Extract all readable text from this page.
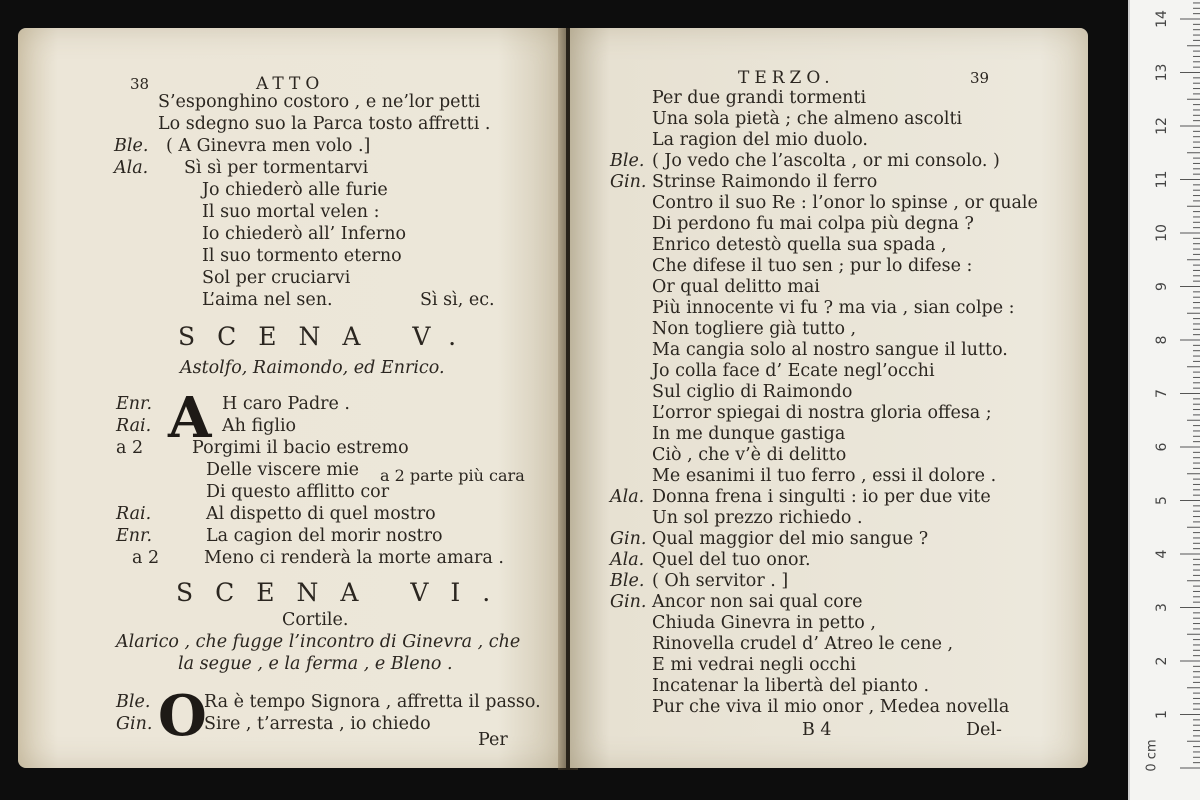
38	ATTO
S’esponghino costoro , e ne’lor petti
Lo sdegno suo la Parca tosto affretti .
Ble. ( A Ginevra men volo .]
Ala. Sì sì per tormentarvi
Jo chiederò alle furie
Il suo mortal velen :
Io chiederò all’ Inferno
Il suo tormento eterno
Sol per cruciarvi
L’aima nel sen.	Sì sì, ec.
SCENA V.
Astolfo, Raimondo, ed Enrico.
A
Enr.	H caro Padre .
Rai.	Ah figlio
a 2	Porgimi il bacio estremo
Delle viscere mie
Di questo afflitto cor
a 2 parte più cara
Rai.	Al dispetto di quel mostro
Enr.	La cagion del morir nostro
a 2	Meno ci renderà la morte amara .
SCENA VI.
Cortile.
Alarico , che fugge l’incontro di Ginevra , che
la segue , e la ferma , e Bleno .
O
Ble.	Ra è tempo Signora , affretta il passo.
Gin.	Sire , t’arresta , io chiedo
Per
TERZO.	39
Per due grandi tormenti
Una sola pietà ; che almeno ascolti
La ragion del mio duolo.
Ble. ( Jo vedo che l’ascolta , or mi consolo. )
Gin. Strinse Raimondo il ferro
Contro il suo Re : l’onor lo spinse , or quale
Di perdono fu mai colpa più degna ?
Enrico detestò quella sua spada ,
Che difese il tuo sen ; pur lo difese :
Or qual delitto mai
Più innocente vi fu ? ma via , sian colpe :
Non togliere già tutto ,
Ma cangia solo al nostro sangue il lutto.
Jo colla face d’ Ecate negl’occhi
Sul ciglio di Raimondo
L’orror spiegai di nostra gloria offesa ;
In me dunque gastiga
Ciò , che v’è di delitto
Me esanimi il tuo ferro , essi il dolore .
Ala. Donna frena i singulti : io per due vite
Un sol prezzo richiedo .
Gin. Qual maggior del mio sangue ?
Ala. Quel del tuo onor.
Ble. ( Oh servitor . ]
Gin. Ancor non sai qual core
Chiuda Ginevra in petto ,
Rinovella crudel d’ Atreo le cene ,
E mi vedrai negli occhi
Incatenar la libertà del pianto .
Pur che viva il mio onor , Medea novella
B 4	Del-
1
2
3
4
5
6
7
8
9
10
11
12
13
14
0 cm
